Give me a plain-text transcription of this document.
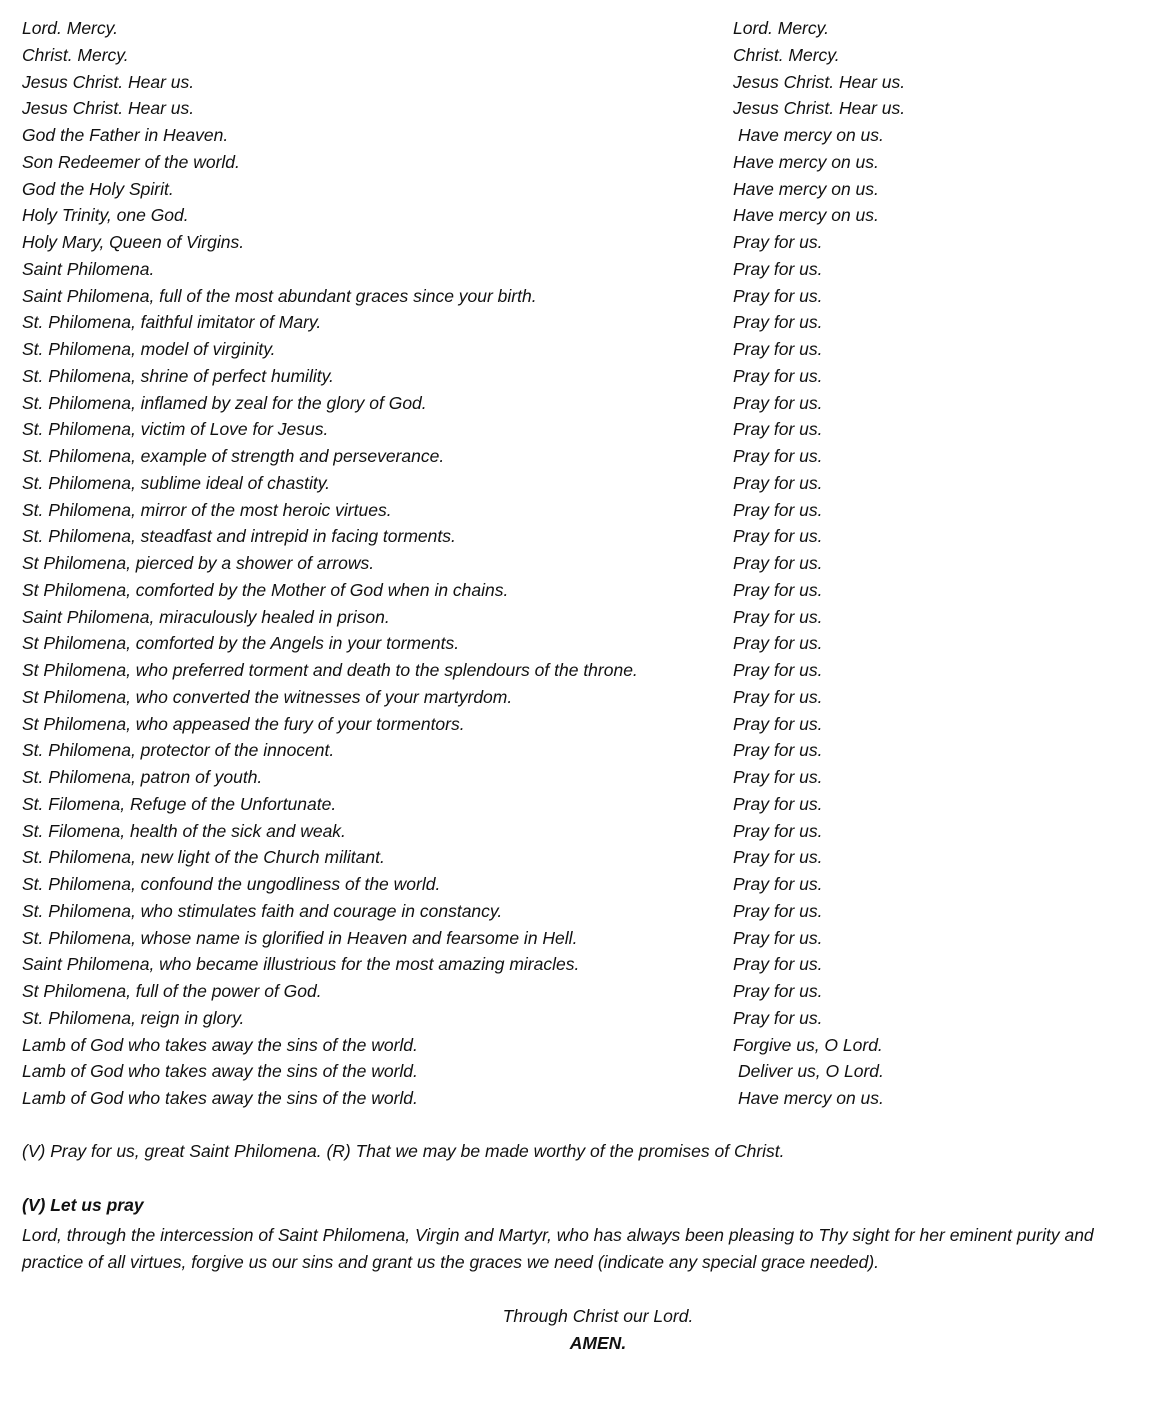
Lord. Mercy.	Lord. Mercy.
Christ. Mercy.	Christ. Mercy.
Jesus Christ. Hear us.	Jesus Christ. Hear us.
Jesus Christ. Hear us.	Jesus Christ. Hear us.
God the Father in Heaven.	Have mercy on us.
Son Redeemer of the world.	Have mercy on us.
God the Holy Spirit.	Have mercy on us.
Holy Trinity, one God.	Have mercy on us.
Holy Mary, Queen of Virgins.	Pray for us.
Saint Philomena.	Pray for us.
Saint Philomena, full of the most abundant graces since your birth.	Pray for us.
St. Philomena, faithful imitator of Mary.	Pray for us.
St. Philomena, model of virginity.	Pray for us.
St. Philomena, shrine of perfect humility.	Pray for us.
St. Philomena, inflamed by zeal for the glory of God.	Pray for us.
St. Philomena, victim of Love for Jesus.	Pray for us.
St. Philomena, example of strength and perseverance.	Pray for us.
St. Philomena, sublime ideal of chastity.	Pray for us.
St. Philomena, mirror of the most heroic virtues.	Pray for us.
St. Philomena, steadfast and intrepid in facing torments.	Pray for us.
St Philomena, pierced by a shower of arrows.	Pray for us.
St Philomena, comforted by the Mother of God when in chains.	Pray for us.
Saint Philomena, miraculously healed in prison.	Pray for us.
St Philomena, comforted by the Angels in your torments.	Pray for us.
St Philomena, who preferred torment and death to the splendours of the throne.	Pray for us.
St Philomena, who converted the witnesses of your martyrdom.	Pray for us.
St Philomena, who appeased the fury of your tormentors.	Pray for us.
St. Philomena, protector of the innocent.	Pray for us.
St. Philomena, patron of youth.	Pray for us.
St. Filomena, Refuge of the Unfortunate.	Pray for us.
St. Filomena, health of the sick and weak.	Pray for us.
St. Philomena, new light of the Church militant.	Pray for us.
St. Philomena, confound the ungodliness of the world.	Pray for us.
St. Philomena, who stimulates faith and courage in constancy.	Pray for us.
St. Philomena, whose name is glorified in Heaven and fearsome in Hell.	Pray for us.
Saint Philomena, who became illustrious for the most amazing miracles.	Pray for us.
St Philomena, full of the power of God.	Pray for us.
St. Philomena, reign in glory.	Pray for us.
Lamb of God who takes away the sins of the world.	Forgive us, O Lord.
Lamb of God who takes away the sins of the world.	Deliver us, O Lord.
Lamb of God who takes away the sins of the world.	Have mercy on us.
(V) Pray for us, great Saint Philomena. (R) That we may be made worthy of the promises of Christ.
(V) Let us pray
Lord, through the intercession of Saint Philomena, Virgin and Martyr, who has always been pleasing to Thy sight for her eminent purity and practice of all virtues, forgive us our sins and grant us the graces we need (indicate any special grace needed).
Through Christ our Lord.
AMEN.
